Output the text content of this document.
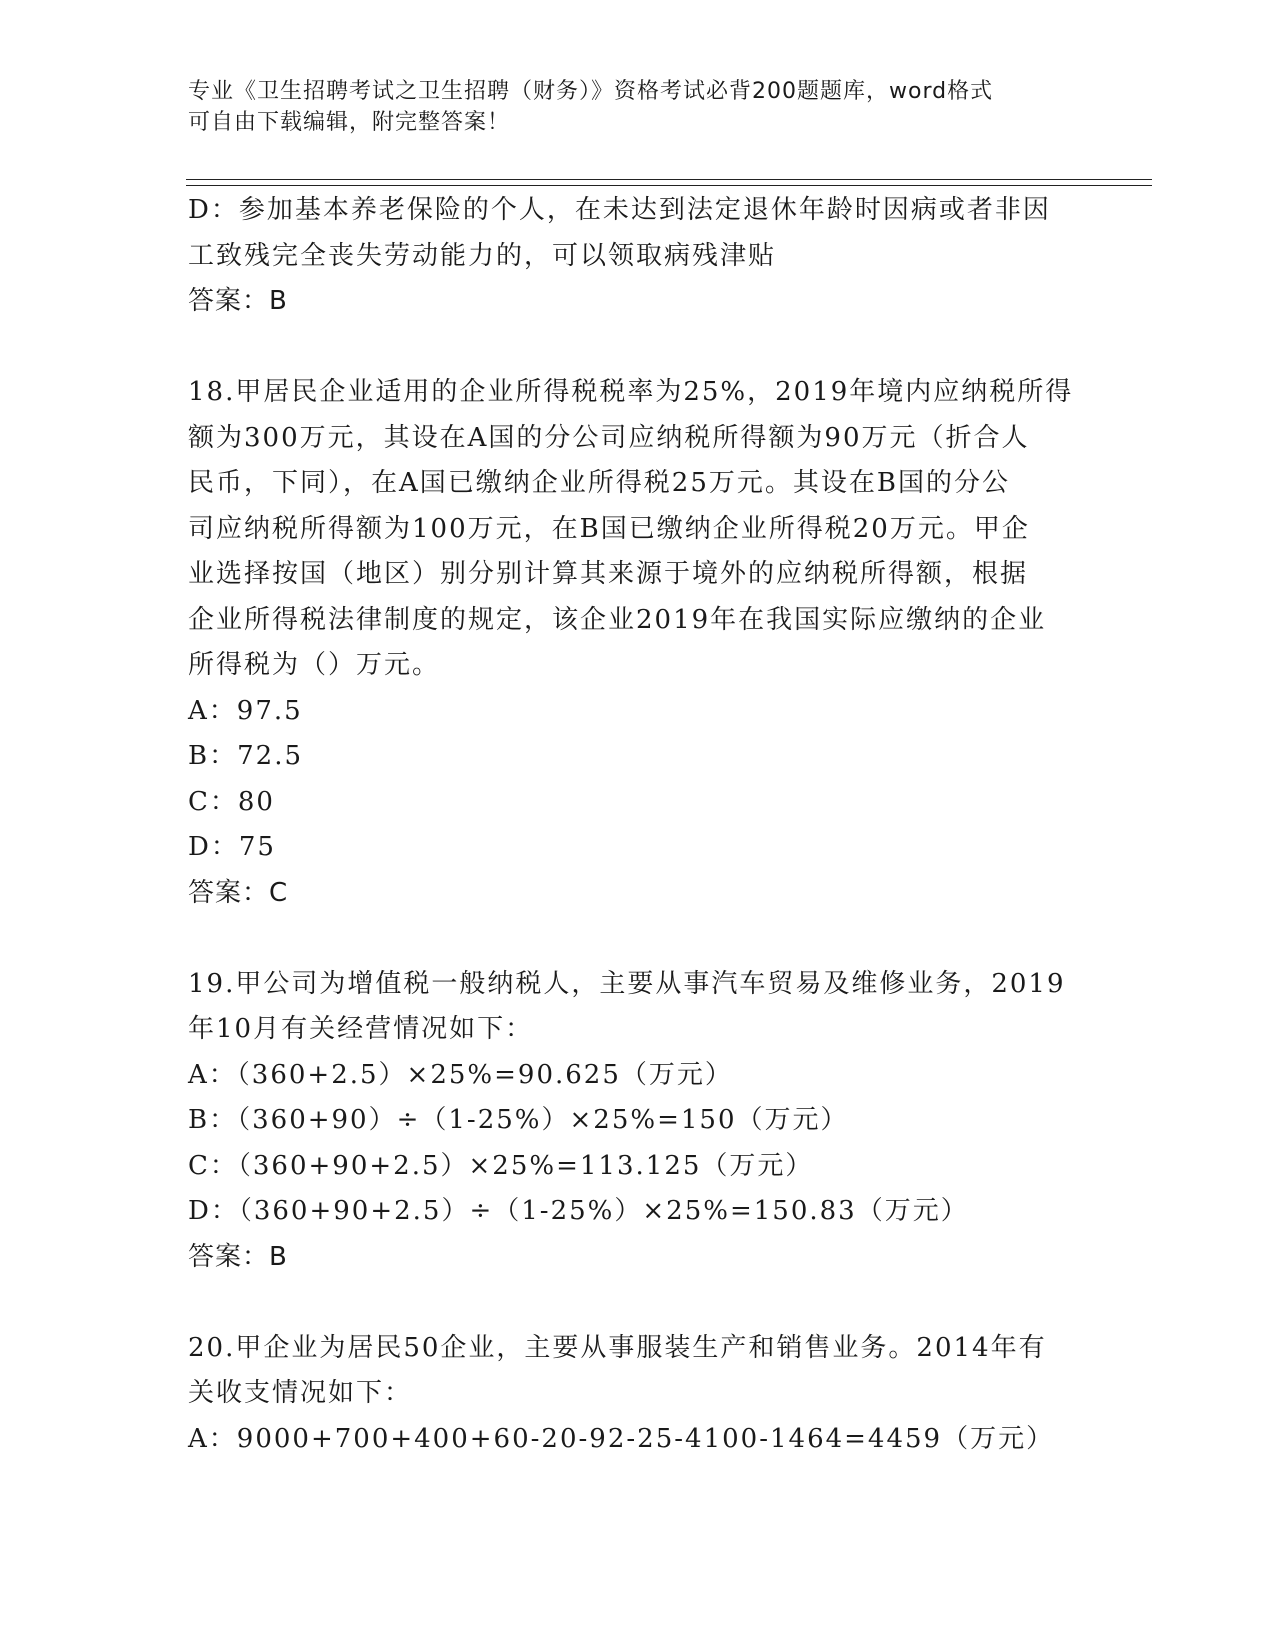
专业《卫生招聘考试之卫生招聘（财务）》资格考试必背200题题库，word格式
可自由下载编辑，附完整答案！
D：参加基本养老保险的个人，在未达到法定退休年龄时因病或者非因
工致残完全丧失劳动能力的，可以领取病残津贴
答案：B
18.甲居民企业适用的企业所得税税率为25%，2019年境内应纳税所得
额为300万元，其设在A国的分公司应纳税所得额为90万元（折合人
民币，下同），在A国已缴纳企业所得税25万元。其设在B国的分公
司应纳税所得额为100万元，在B国已缴纳企业所得税20万元。甲企
业选择按国（地区）别分别计算其来源于境外的应纳税所得额，根据
企业所得税法律制度的规定，该企业2019年在我国实际应缴纳的企业
所得税为（）万元。
A：97.5
B：72.5
C：80
D：75
答案：C
19.甲公司为增值税一般纳税人，主要从事汽车贸易及维修业务，2019
年10月有关经营情况如下：
A：（360+2.5）×25%=90.625（万元）
B：（360+90）÷（1-25%）×25%=150（万元）
C：（360+90+2.5）×25%=113.125（万元）
D：（360+90+2.5）÷（1-25%）×25%=150.83（万元）
答案：B
20.甲企业为居民50企业，主要从事服装生产和销售业务。2014年有
关收支情况如下：
A：9000+700+400+60-20-92-25-4100-1464=4459（万元）
